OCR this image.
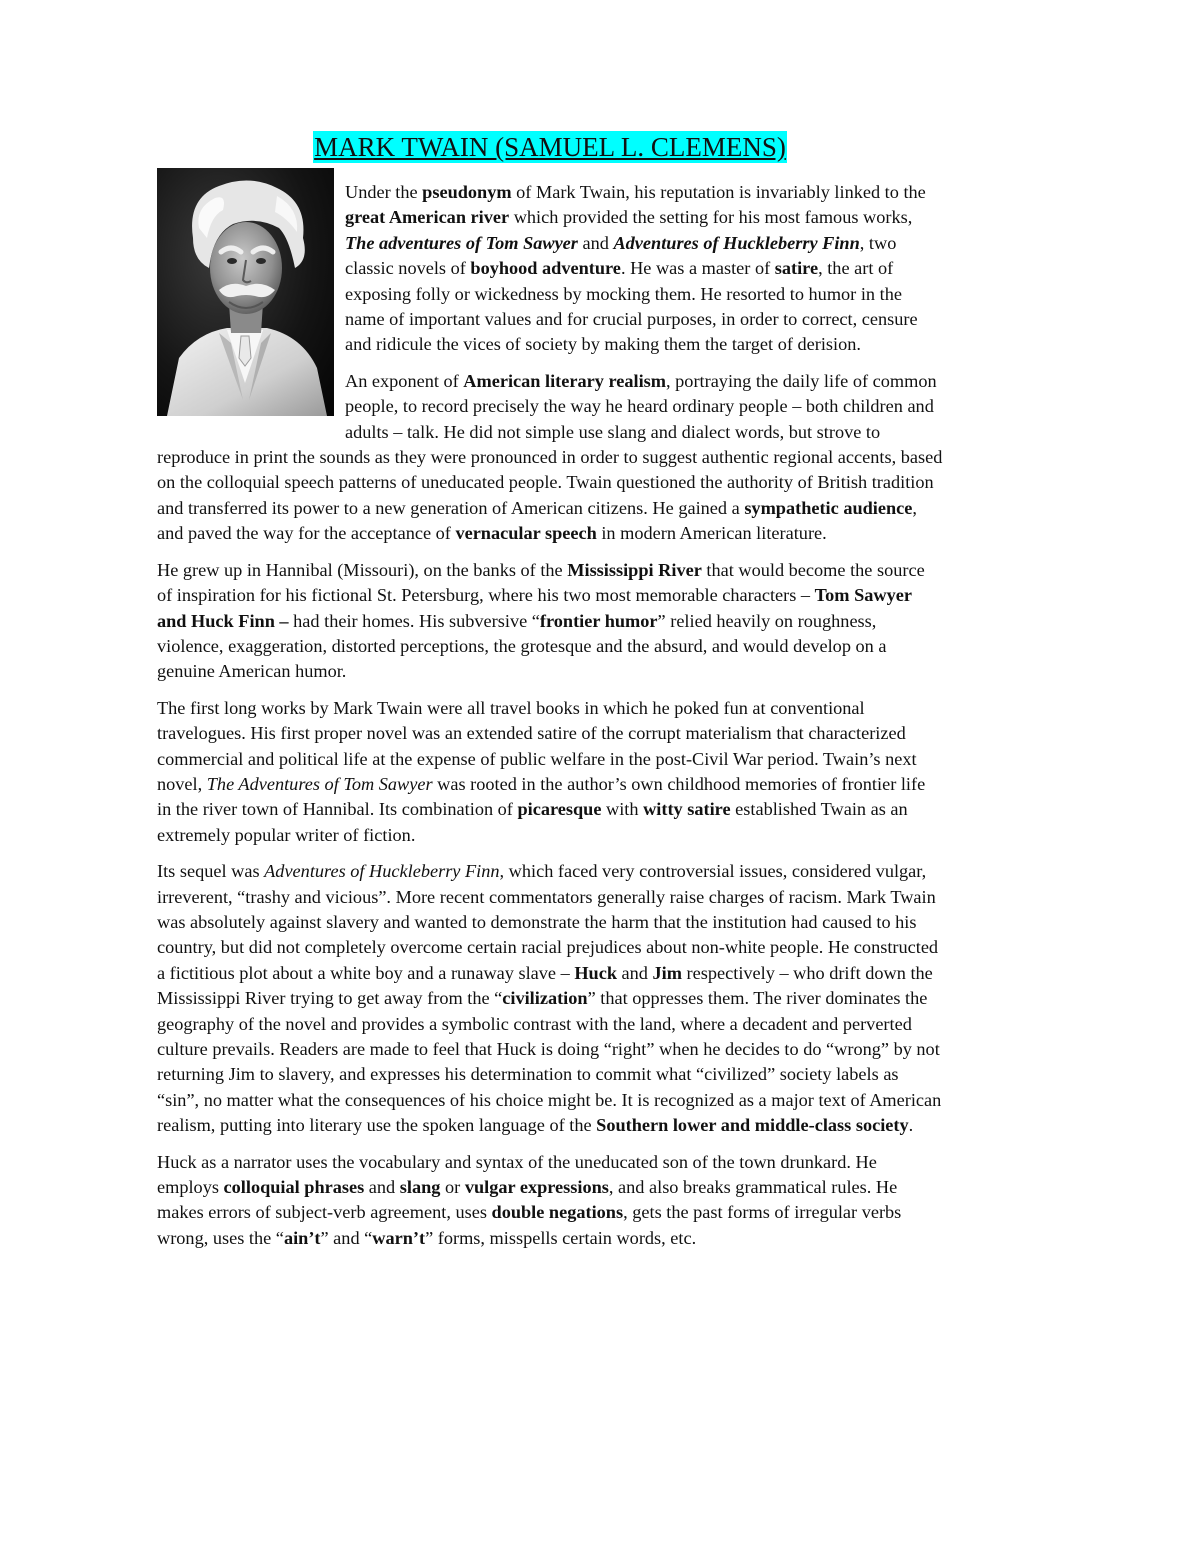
MARK TWAIN (SAMUEL L. CLEMENS)

Under the pseudonym of Mark Twain, his reputation is invariably linked to the great American river which provided the setting for his most famous works, The adventures of Tom Sawyer and Adventures of Huckleberry Finn, two classic novels of boyhood adventure. He was a master of satire, the art of exposing folly or wickedness by mocking them. He resorted to humor in the name of important values and for crucial purposes, in order to correct, censure and ridicule the vices of society by making them the target of derision.

An exponent of American literary realism, portraying the daily life of common people, to record precisely the way he heard ordinary people – both children and adults – talk. He did not simple use slang and dialect words, but strove to reproduce in print the sounds as they were pronounced in order to suggest authentic regional accents, based on the colloquial speech patterns of uneducated people. Twain questioned the authority of British tradition and transferred its power to a new generation of American citizens. He gained a sympathetic audience, and paved the way for the acceptance of vernacular speech in modern American literature.

He grew up in Hannibal (Missouri), on the banks of the Mississippi River that would become the source of inspiration for his fictional St. Petersburg, where his two most memorable characters – Tom Sawyer and Huck Finn – had their homes. His subversive “frontier humor” relied heavily on roughness, violence, exaggeration, distorted perceptions, the grotesque and the absurd, and would develop on a genuine American humor.

The first long works by Mark Twain were all travel books in which he poked fun at conventional travelogues. His first proper novel was an extended satire of the corrupt materialism that characterized commercial and political life at the expense of public welfare in the post-Civil War period. Twain’s next novel, The Adventures of Tom Sawyer was rooted in the author’s own childhood memories of frontier life in the river town of Hannibal. Its combination of picaresque with witty satire established Twain as an extremely popular writer of fiction.

Its sequel was Adventures of Huckleberry Finn, which faced very controversial issues, considered vulgar, irreverent, “trashy and vicious”. More recent commentators generally raise charges of racism. Mark Twain was absolutely against slavery and wanted to demonstrate the harm that the institution had caused to his country, but did not completely overcome certain racial prejudices about non-white people. He constructed a fictitious plot about a white boy and a runaway slave – Huck and Jim respectively – who drift down the Mississippi River trying to get away from the “civilization” that oppresses them. The river dominates the geography of the novel and provides a symbolic contrast with the land, where a decadent and perverted culture prevails. Readers are made to feel that Huck is doing “right” when he decides to do “wrong” by not returning Jim to slavery, and expresses his determination to commit what “civilized” society labels as “sin”, no matter what the consequences of his choice might be. It is recognized as a major text of American realism, putting into literary use the spoken language of the Southern lower and middle-class society.

Huck as a narrator uses the vocabulary and syntax of the uneducated son of the town drunkard. He employs colloquial phrases and slang or vulgar expressions, and also breaks grammatical rules. He makes errors of subject-verb agreement, uses double negations, gets the past forms of irregular verbs wrong, uses the “ain’t” and “warn’t” forms, misspells certain words, etc.
